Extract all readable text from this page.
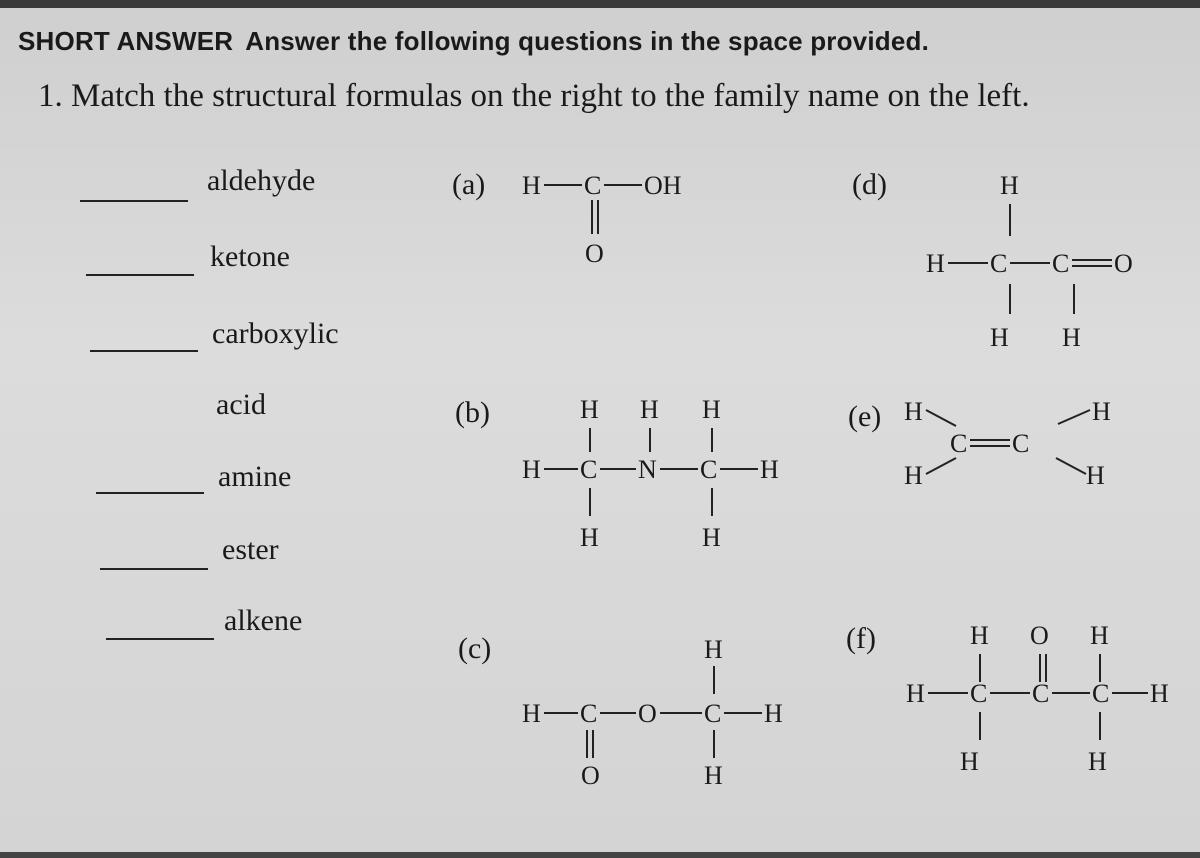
SHORT ANSWER Answer the following questions in the space provided.
1. Match the structural formulas on the right to the family name on the left.
aldehyde
ketone
carboxylic
acid
amine
ester
alkene
(a)
(b)
(c)
(d)
(e)
(f)
H C OH
O
H H H
H C N C H
H	H
H
H C O C H
O	H
H
H C C O
H H
H
C C
H
H	H
H O H
H C C C H
H	H
